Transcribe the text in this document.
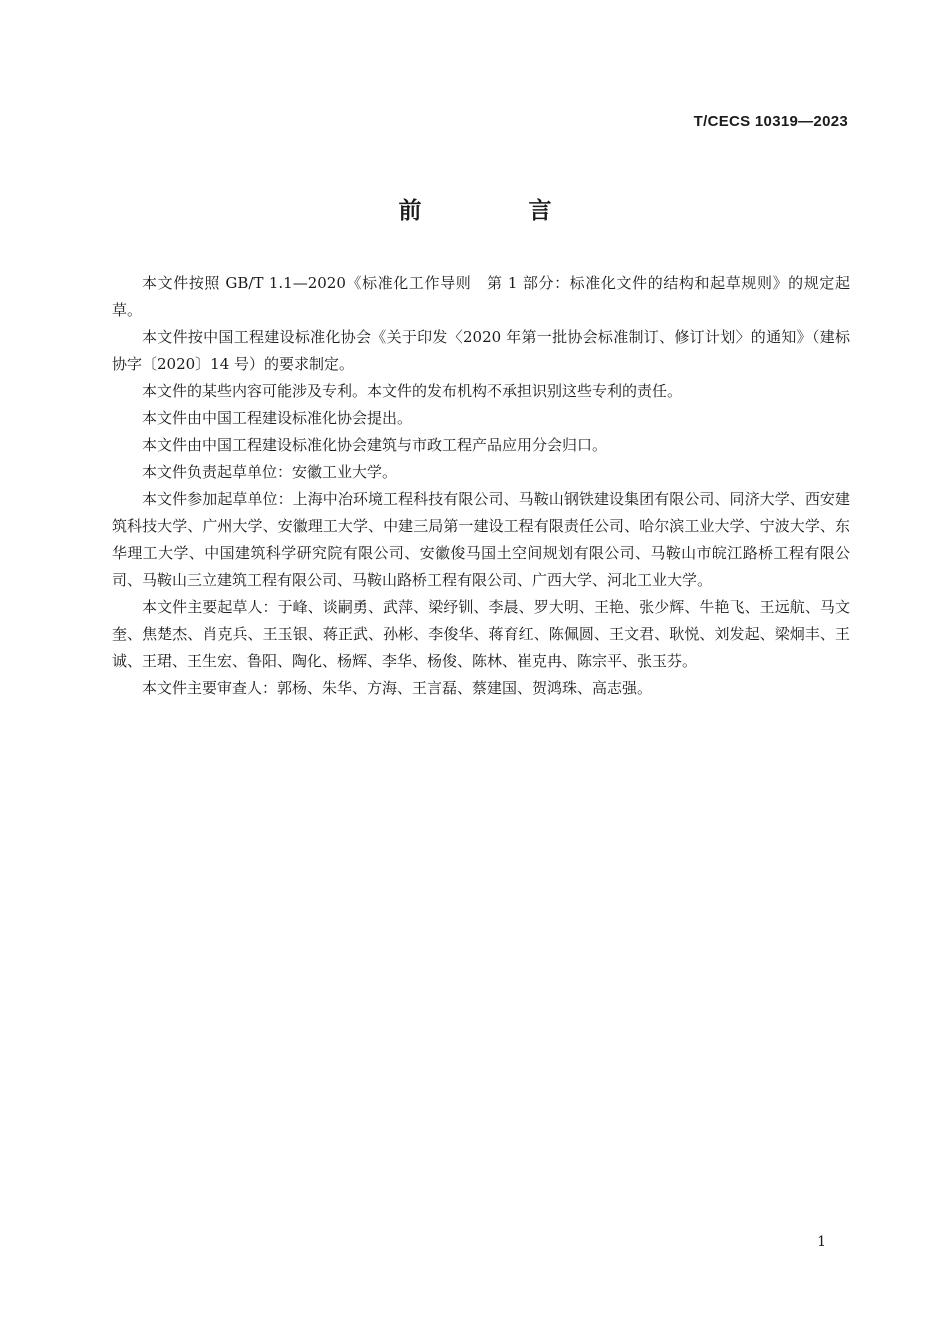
T/CECS 10319—2023
前　言

本文件按照 GB/T 1.1—2020《标准化工作导则　第 1 部分：标准化文件的结构和起草规则》的规定起草。

本文件按中国工程建设标准化协会《关于印发〈2020 年第一批协会标准制订、修订计划〉的通知》（建标协字〔2020〕14 号）的要求制定。

本文件的某些内容可能涉及专利。本文件的发布机构不承担识别这些专利的责任。

本文件由中国工程建设标准化协会提出。

本文件由中国工程建设标准化协会建筑与市政工程产品应用分会归口。

本文件负责起草单位：安徽工业大学。

本文件参加起草单位：上海中冶环境工程科技有限公司、马鞍山钢铁建设集团有限公司、同济大学、西安建筑科技大学、广州大学、安徽理工大学、中建三局第一建设工程有限责任公司、哈尔滨工业大学、宁波大学、东华理工大学、中国建筑科学研究院有限公司、安徽俊马国土空间规划有限公司、马鞍山市皖江路桥工程有限公司、马鞍山三立建筑工程有限公司、马鞍山路桥工程有限公司、广西大学、河北工业大学。

本文件主要起草人：于峰、谈嗣勇、武萍、梁纾钏、李晨、罗大明、王艳、张少辉、牛艳飞、王远航、马文奎、焦楚杰、肖克兵、王玉银、蒋正武、孙彬、李俊华、蒋育红、陈佩圆、王文君、耿悦、刘发起、梁炯丰、王诚、王珺、王生宏、鲁阳、陶化、杨辉、李华、杨俊、陈林、崔克冉、陈宗平、张玉芬。

本文件主要审查人：郭杨、朱华、方海、王言磊、蔡建国、贺鸿珠、高志强。

1
